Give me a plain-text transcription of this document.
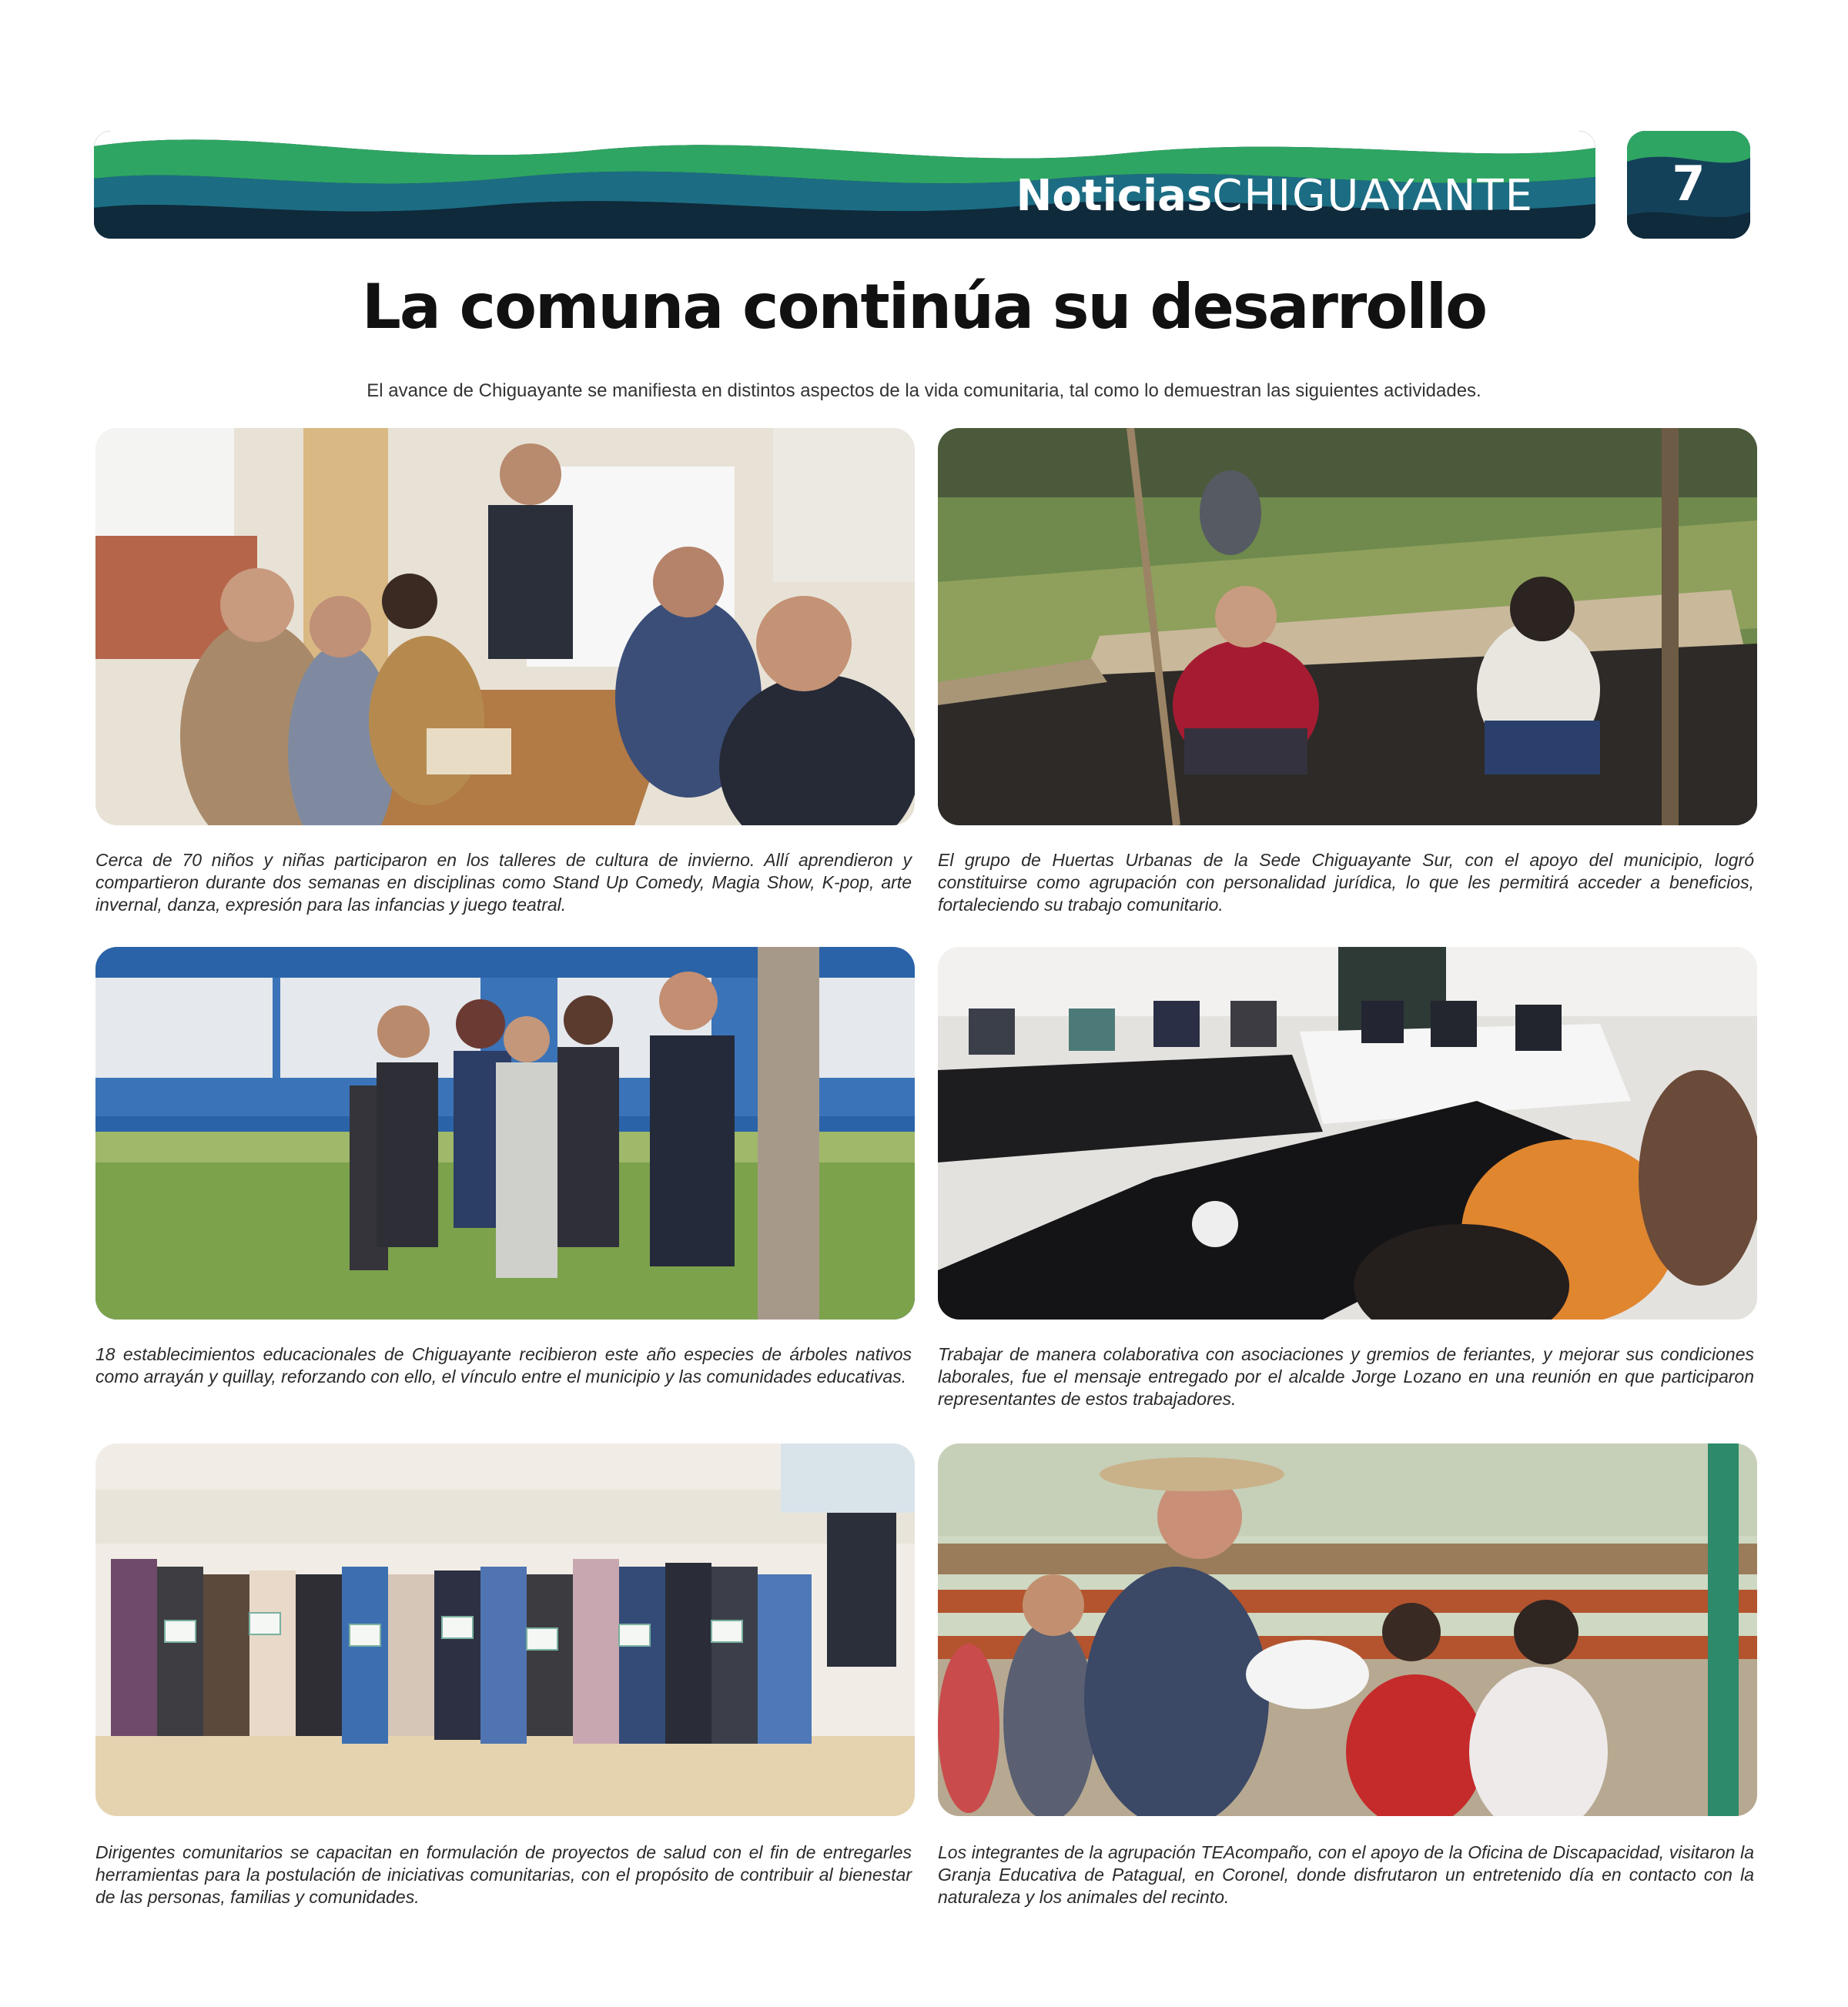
NoticiasCHIGUAYANTE	7
La comuna continúa su desarrollo
El avance de Chiguayante se manifiesta en distintos aspectos de la vida comunitaria, tal como lo demuestran las siguientes actividades.
Cerca de 70 niños y niñas participaron en los talleres de cultura de invierno. Allí aprendieron y compartieron durante dos semanas en disciplinas como Stand Up Comedy, Magia Show, K-pop, arte invernal, danza, expresión para las infancias y juego teatral.
El grupo de Huertas Urbanas de la Sede Chiguayante Sur, con el apoyo del municipio, logró constituirse como agrupación con personalidad jurídica, lo que les permitirá acceder a beneficios, fortaleciendo su trabajo comunitario.
18 establecimientos educacionales de Chiguayante recibieron este año especies de árboles nativos como arrayán y quillay, reforzando con ello, el vínculo entre el municipio y las comunidades educativas.
Trabajar de manera colaborativa con asociaciones y gremios de feriantes, y mejorar sus condiciones laborales, fue el mensaje entregado por el alcalde Jorge Lozano en una reunión en que participaron representantes de estos trabajadores.
Dirigentes comunitarios se capacitan en formulación de proyectos de salud con el fin de entregarles herramientas para la postulación de iniciativas comunitarias, con el propósito de contribuir al bienestar de las personas, familias y comunidades.
Los integrantes de la agrupación TEAcompaño, con el apoyo de la Oficina de Discapacidad, visitaron la Granja Educativa de Patagual, en Coronel, donde disfrutaron un entretenido día en contacto con la naturaleza y los animales del recinto.
